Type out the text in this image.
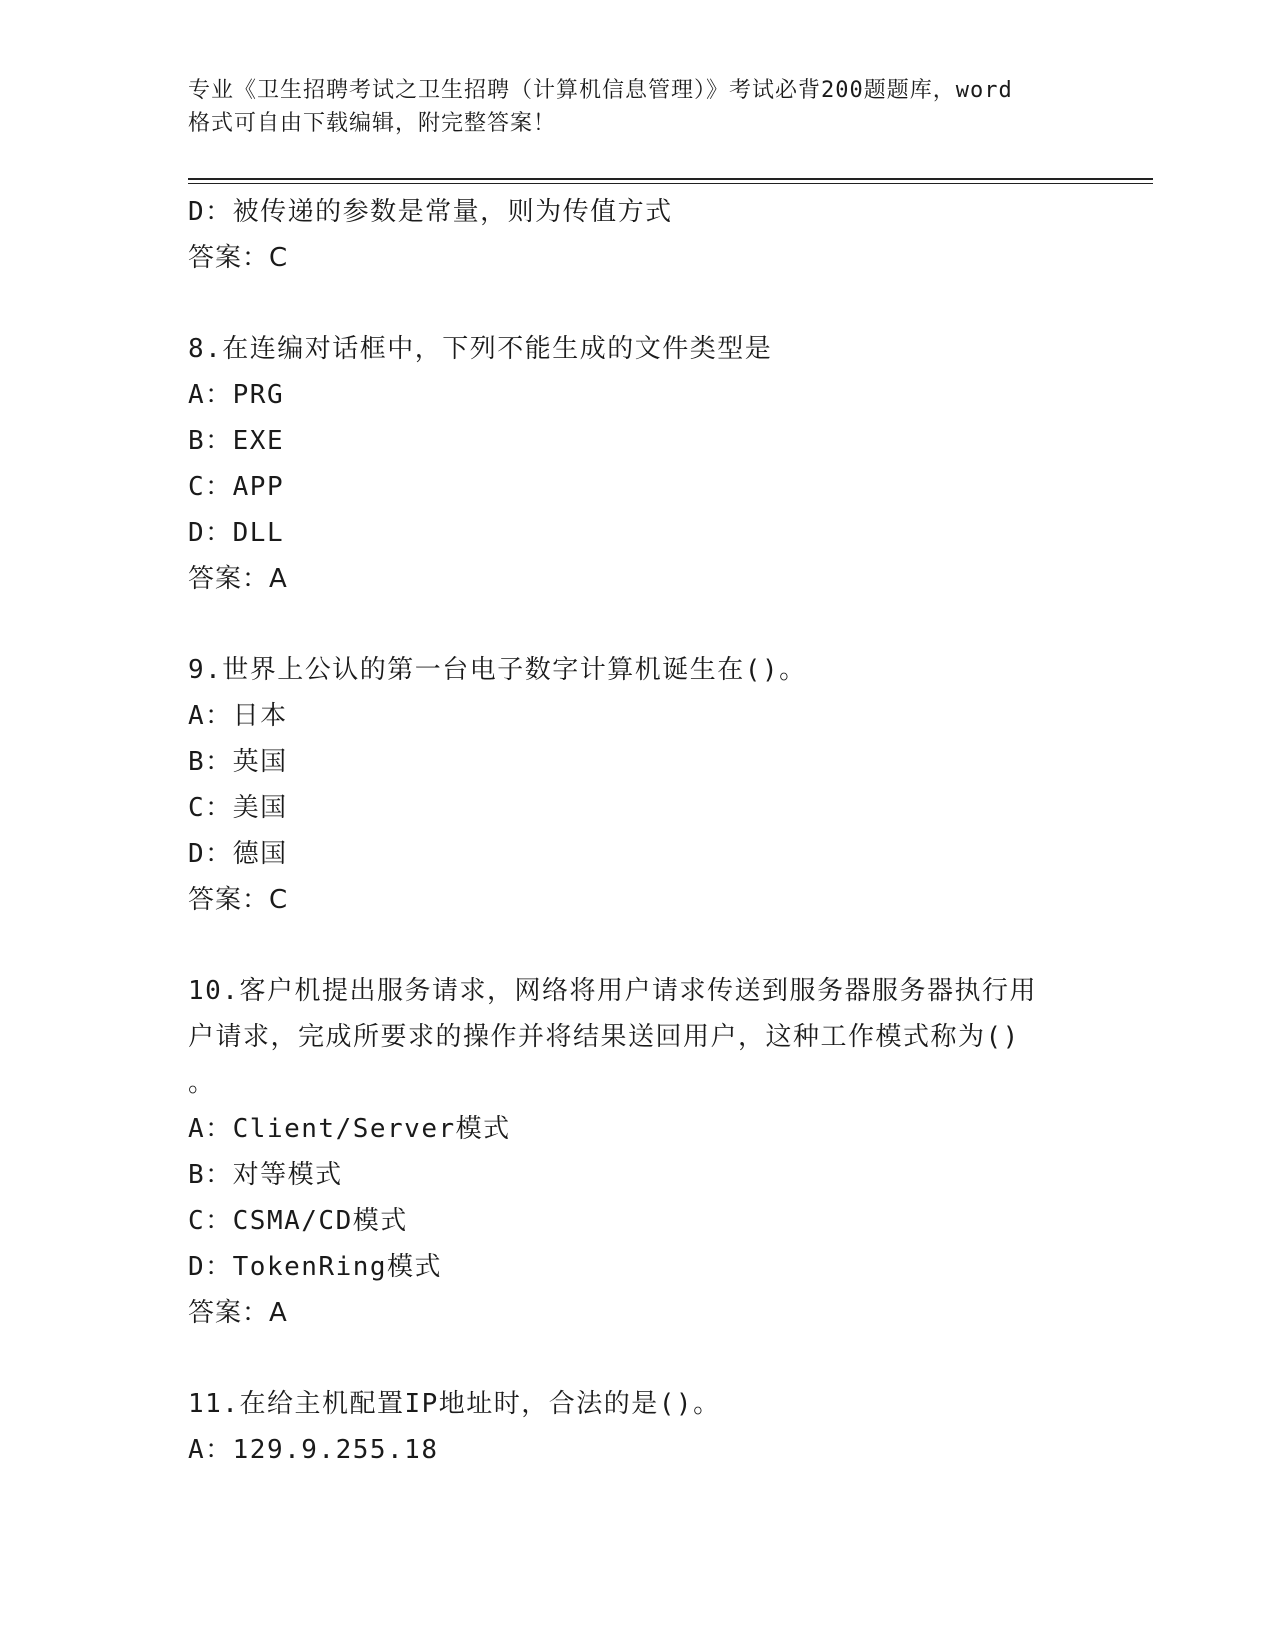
专业《卫生招聘考试之卫生招聘（计算机信息管理）》考试必背200题题库，word
格式可自由下载编辑，附完整答案！
D：被传递的参数是常量，则为传值方式
答案：C
8.在连编对话框中，下列不能生成的文件类型是
A：PRG
B：EXE
C：APP
D：DLL
答案：A
9.世界上公认的第一台电子数字计算机诞生在()。
A：日本
B：英国
C：美国
D：德国
答案：C
10.客户机提出服务请求，网络将用户请求传送到服务器服务器执行用
户请求，完成所要求的操作并将结果送回用户，这种工作模式称为()
。
A：Client/Server模式
B：对等模式
C：CSMA/CD模式
D：TokenRing模式
答案：A
11.在给主机配置IP地址时，合法的是()。
A：129.9.255.18
